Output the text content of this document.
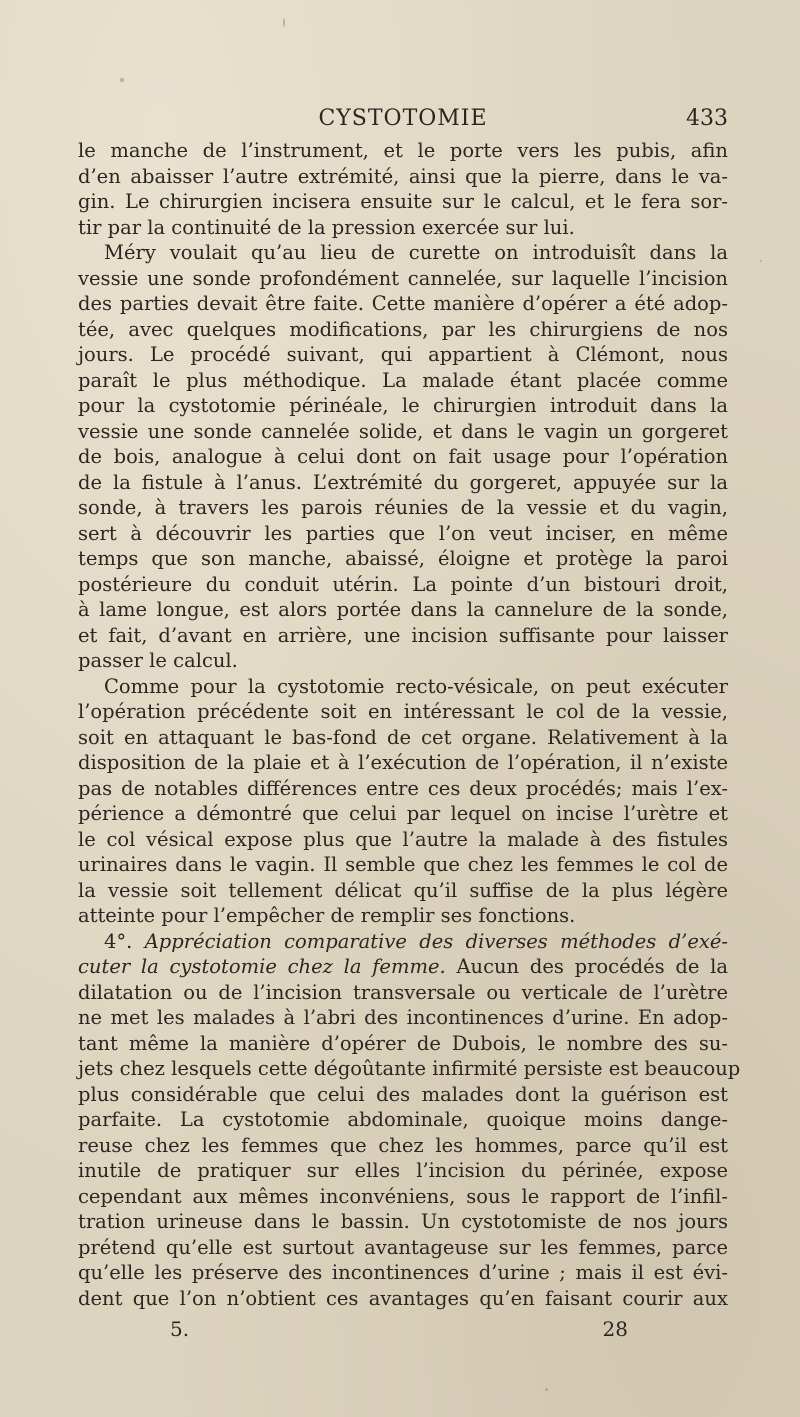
CYSTOTOMIE	433
le manche de l’instrument, et le porte vers les pubis, afin
d’en abaisser l’autre extrémité, ainsi que la pierre, dans le va-
gin. Le chirurgien incisera ensuite sur le calcul, et le fera sor-
tir par la continuité de la pression exercée sur lui.
Méry voulait qu’au lieu de curette on introduisît dans la
vessie une sonde profondément cannelée, sur laquelle l’incision
des parties devait être faite. Cette manière d’opérer a été adop-
tée, avec quelques modifications, par les chirurgiens de nos
jours. Le procédé suivant, qui appartient à Clémont, nous
paraît le plus méthodique. La malade étant placée comme
pour la cystotomie périnéale, le chirurgien introduit dans la
vessie une sonde cannelée solide, et dans le vagin un gorgeret
de bois, analogue à celui dont on fait usage pour l’opération
de la fistule à l’anus. L’extrémité du gorgeret, appuyée sur la
sonde, à travers les parois réunies de la vessie et du vagin,
sert à découvrir les parties que l’on veut inciser, en même
temps que son manche, abaissé, éloigne et protège la paroi
postérieure du conduit utérin. La pointe d’un bistouri droit,
à lame longue, est alors portée dans la cannelure de la sonde,
et fait, d’avant en arrière, une incision suffisante pour laisser
passer le calcul.
Comme pour la cystotomie recto-vésicale, on peut exécuter
l’opération précédente soit en intéressant le col de la vessie,
soit en attaquant le bas-fond de cet organe. Relativement à la
disposition de la plaie et à l’exécution de l’opération, il n’existe
pas de notables différences entre ces deux procédés; mais l’ex-
périence a démontré que celui par lequel on incise l’urètre et
le col vésical expose plus que l’autre la malade à des fistules
urinaires dans le vagin. Il semble que chez les femmes le col de
la vessie soit tellement délicat qu’il suffise de la plus légère
atteinte pour l’empêcher de remplir ses fonctions.
4°. Appréciation comparative des diverses méthodes d’exé-
cuter la cystotomie chez la femme. Aucun des procédés de la
dilatation ou de l’incision transversale ou verticale de l’urètre
ne met les malades à l’abri des incontinences d’urine. En adop-
tant même la manière d’opérer de Dubois, le nombre des su-
jets chez lesquels cette dégoûtante infirmité persiste est beaucoup
plus considérable que celui des malades dont la guérison est
parfaite. La cystotomie abdominale, quoique moins dange-
reuse chez les femmes que chez les hommes, parce qu’il est
inutile de pratiquer sur elles l’incision du périnée, expose
cependant aux mêmes inconvéniens, sous le rapport de l’infil-
tration urineuse dans le bassin. Un cystotomiste de nos jours
prétend qu’elle est surtout avantageuse sur les femmes, parce
qu’elle les préserve des incontinences d’urine ; mais il est évi-
dent que l’on n’obtient ces avantages qu’en faisant courir aux
5.	28
